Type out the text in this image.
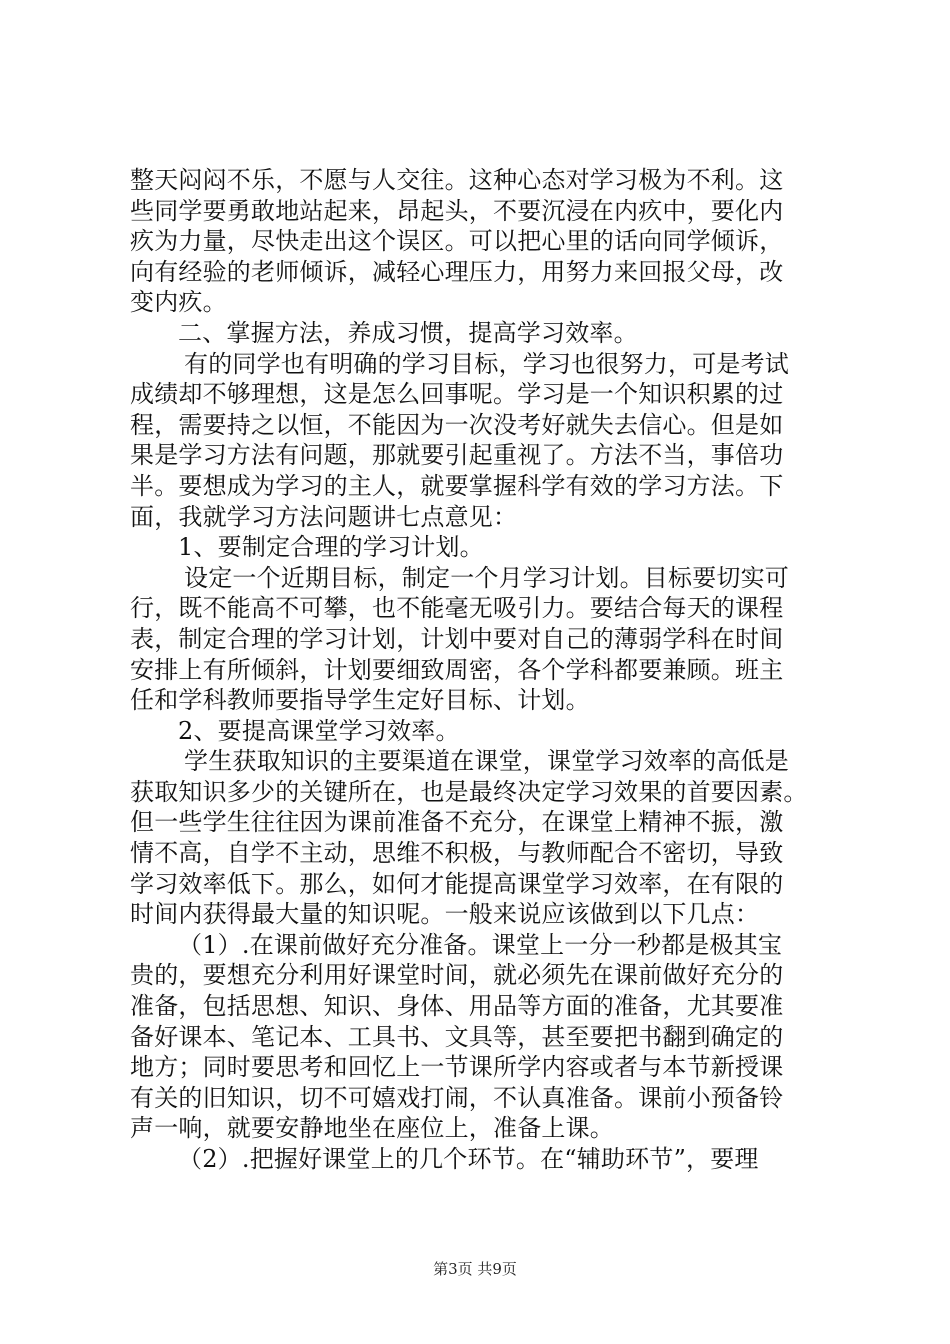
整天闷闷不乐，不愿与人交往。这种心态对学习极为不利。这
些同学要勇敢地站起来，昂起头，不要沉浸在内疚中，要化内
疚为力量，尽快走出这个误区。可以把心里的话向同学倾诉，
向有经验的老师倾诉，减轻心理压力，用努力来回报父母，改
变内疚。
二、掌握方法，养成习惯，提高学习效率。
有的同学也有明确的学习目标，学习也很努力，可是考试
成绩却不够理想，这是怎么回事呢。学习是一个知识积累的过
程，需要持之以恒，不能因为一次没考好就失去信心。但是如
果是学习方法有问题，那就要引起重视了。方法不当，事倍功
半。要想成为学习的主人，就要掌握科学有效的学习方法。下
面，我就学习方法问题讲七点意见：
1、要制定合理的学习计划。
设定一个近期目标，制定一个月学习计划。目标要切实可
行，既不能高不可攀，也不能毫无吸引力。要结合每天的课程
表，制定合理的学习计划，计划中要对自己的薄弱学科在时间
安排上有所倾斜，计划要细致周密，各个学科都要兼顾。班主
任和学科教师要指导学生定好目标、计划。
2、要提高课堂学习效率。
学生获取知识的主要渠道在课堂，课堂学习效率的高低是
获取知识多少的关键所在，也是最终决定学习效果的首要因素。
但一些学生往往因为课前准备不充分，在课堂上精神不振，激
情不高，自学不主动，思维不积极，与教师配合不密切，导致
学习效率低下。那么，如何才能提高课堂学习效率，在有限的
时间内获得最大量的知识呢。一般来说应该做到以下几点：
（1）.在课前做好充分准备。课堂上一分一秒都是极其宝
贵的，要想充分利用好课堂时间，就必须先在课前做好充分的
准备，包括思想、知识、身体、用品等方面的准备，尤其要准
备好课本、笔记本、工具书、文具等，甚至要把书翻到确定的
地方；同时要思考和回忆上一节课所学内容或者与本节新授课
有关的旧知识，切不可嬉戏打闹，不认真准备。课前小预备铃
声一响，就要安静地坐在座位上，准备上课。
（2）.把握好课堂上的几个环节。在“辅助环节”，要理
第3页 共9页
